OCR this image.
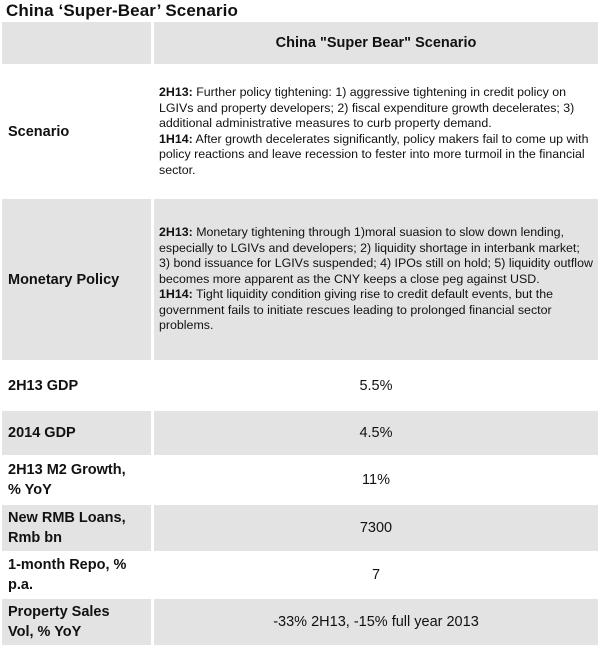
China ‘Super-Bear’ Scenario
	China "Super Bear" Scenario

Scenario	2H13: Further policy tightening: 1) aggressive tightening in credit policy on LGIVs and property developers; 2) fiscal expenditure growth decelerates; 3) additional administrative measures to curb property demand.
1H14: After growth decelerates significantly, policy makers fail to come up with policy reactions and leave recession to fester into more turmoil in the financial sector.

Monetary Policy	2H13: Monetary tightening through 1)moral suasion to slow down lending, especially to LGIVs and developers; 2) liquidity shortage in interbank market; 3) bond issuance for LGIVs suspended; 4) IPOs still on hold; 5) liquidity outflow becomes more apparent as the CNY keeps a close peg against USD.
1H14: Tight liquidity condition giving rise to credit default events, but the government fails to initiate rescues leading to prolonged financial sector problems.

2H13 GDP	5.5%

2014 GDP	4.5%

2H13 M2 Growth,
% YoY	11%

New RMB Loans,
Rmb bn	7300

1-month Repo, %
p.a.	7

Property Sales
Vol, % YoY	-33% 2H13, -15% full year 2013
